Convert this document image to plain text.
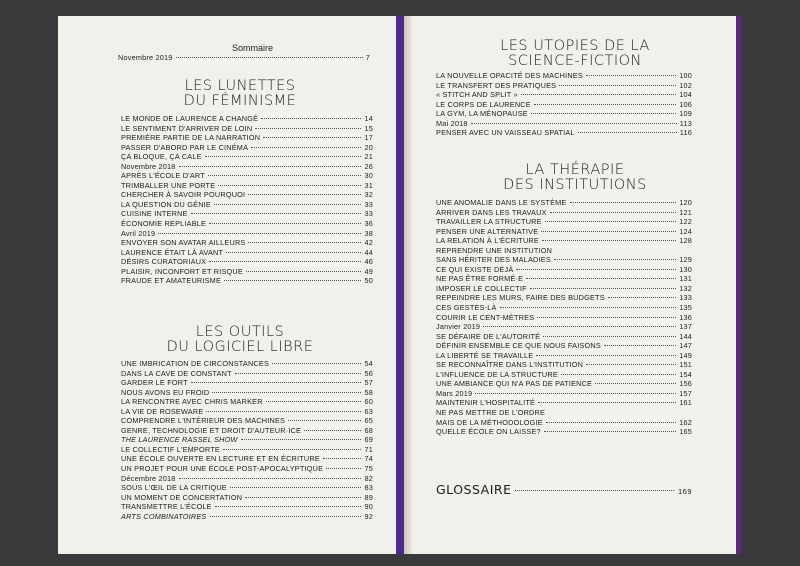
Sommaire
Novembre 2019	7
LES LUNETTES
DU FÉMINISME
LE MONDE DE LAURENCE A CHANGÉ	14
LE SENTIMENT D'ARRIVER DE LOIN	15
PREMIÈRE PARTIE DE LA NARRATION	17
PASSER D'ABORD PAR LE CINÉMA	20
ÇA BLOQUE, ÇA CALE	21
Novembre 2018	26
APRÈS L'ÉCOLE D'ART	30
TRIMBALLER UNE PORTE	31
CHERCHER À SAVOIR POURQUOI	32
LA QUESTION DU GÉNIE	33
CUISINE INTERNE	33
ÉCONOMIE REPLIABLE	36
Avril 2019	38
ENVOYER SON AVATAR AILLEURS	42
LAURENCE ÉTAIT LÀ AVANT	44
DÉSIRS CURATORIAUX	46
PLAISIR, INCONFORT ET RISQUE	49
FRAUDE ET AMATEURISME	50
LES OUTILS
DU LOGICIEL LIBRE
UNE IMBRICATION DE CIRCONSTANCES	54
DANS LA CAVE DE CONSTANT	56
GARDER LE FORT	57
NOUS AVONS EU FROID	58
LA RENCONTRE AVEC CHRIS MARKER	60
LA VIE DE ROSEWARE	63
COMPRENDRE L'INTÉRIEUR DES MACHINES	65
GENRE, TECHNOLOGIE ET DROIT D'AUTEUR·ICE	68
THE LAURENCE RASSEL SHOW	69
LE COLLECTIF L'EMPORTE	71
UNE ÉCOLE OUVERTE EN LECTURE ET EN ÉCRITURE	74
UN PROJET POUR UNE ÉCOLE POST-APOCALYPTIQUE	75
Décembre 2018	82
SOUS L'ŒIL DE LA CRITIQUE	83
UN MOMENT DE CONCERTATION	89
TRANSMETTRE L'ÉCOLE	90
ARTS COMBINATOIRES	92
LES UTOPIES DE LA
SCIENCE-FICTION
LA NOUVELLE OPACITÉ DES MACHINES	100
LE TRANSFERT DES PRATIQUES	102
« STITCH AND SPLIT »	104
LE CORPS DE LAURENCE	106
LA GYM, LA MÉNOPAUSE	109
Mai 2018	113
PENSER AVEC UN VAISSEAU SPATIAL	116
LA THÉRAPIE
DES INSTITUTIONS
UNE ANOMALIE DANS LE SYSTÈME	120
ARRIVER DANS LES TRAVAUX	121
TRAVAILLER LA STRUCTURE	122
PENSER UNE ALTERNATIVE	124
LA RELATION À L'ÉCRITURE	128
REPRENDRE UNE INSTITUTION
SANS HÉRITER DES MALADIES	129
CE QUI EXISTE DÉJÀ	130
NE PAS ÊTRE FORMÉ·E	131
IMPOSER LE COLLECTIF	132
REPEINDRE LES MURS, FAIRE DES BUDGETS	133
CES GESTES-LÀ	135
COURIR LE CENT-MÈTRES	136
Janvier 2019	137
SE DÉFAIRE DE L'AUTORITÉ	144
DÉFINIR ENSEMBLE CE QUE NOUS FAISONS	147
LA LIBERTÉ SE TRAVAILLE	149
SE RECONNAÎTRE DANS L'INSTITUTION	151
L'INFLUENCE DE LA STRUCTURE	154
UNE AMBIANCE QUI N'A PAS DE PATIENCE	156
Mars 2019	157
MAINTENIR L'HOSPITALITÉ	161
NE PAS METTRE DE L'ORDRE
MAIS DE LA MÉTHODOLOGIE	162
QUELLE ÉCOLE ON LAISSE?	165
GLOSSAIRE	169
